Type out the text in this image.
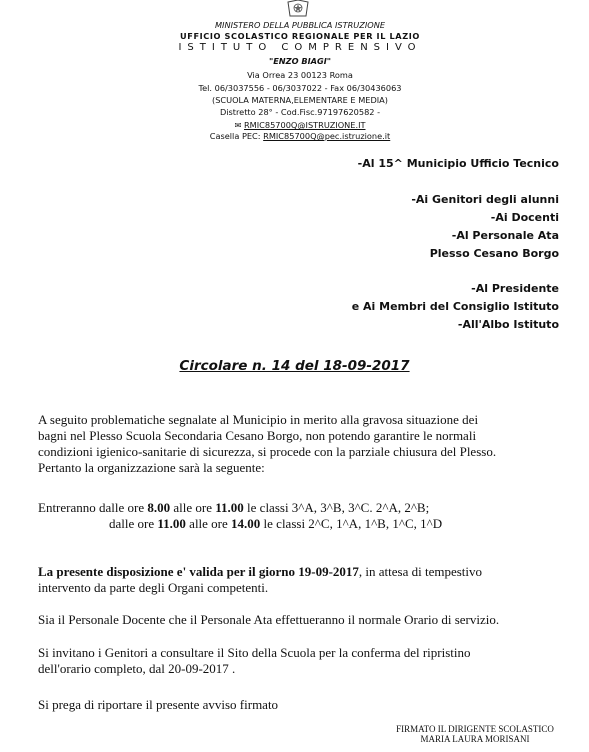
MINISTERO DELLA PUBBLICA ISTRUZIONE
UFFICIO SCOLASTICO REGIONALE PER IL LAZIO
ISTITUTO COMPRENSIVO
"ENZO BIAGI"
Via Orrea 23 00123 Roma
Tel. 06/3037556 - 06/3037022 - Fax 06/30436063
(SCUOLA MATERNA,ELEMENTARE E MEDIA)
Distretto 28° - Cod.Fisc.97197620582 -
✉ RMIC85700Q@ISTRUZIONE.IT
Casella PEC: RMIC85700Q@pec.istruzione.it
-Al 15^ Municipio Ufficio Tecnico
-Ai Genitori degli alunni
-Ai Docenti
-Al Personale Ata
Plesso Cesano Borgo
-Al Presidente
e Ai Membri del Consiglio Istituto
-All'Albo Istituto
Circolare n. 14 del 18-09-2017
A seguito problematiche segnalate al Municipio in merito alla gravosa situazione dei
bagni nel Plesso Scuola Secondaria Cesano Borgo, non potendo garantire le normali
condizioni igienico-sanitarie di sicurezza, si procede con la parziale chiusura del Plesso.
Pertanto la organizzazione sarà la seguente:
Entreranno dalle ore 8.00 alle ore 11.00 le classi 3^A, 3^B, 3^C. 2^A, 2^B;
dalle ore 11.00 alle ore 14.00 le classi 2^C, 1^A, 1^B, 1^C, 1^D
La presente disposizione e' valida per il giorno 19-09-2017, in attesa di tempestivo
intervento da parte degli Organi competenti.
Sia il Personale Docente che il Personale Ata effettueranno il normale Orario di servizio.
Si invitano i Genitori a consultare il Sito della Scuola per la conferma del ripristino
dell'orario completo, dal 20-09-2017 .
Si prega di riportare il presente avviso firmato
FIRMATO IL DIRIGENTE SCOLASTICO
MARIA LAURA MORISANI
